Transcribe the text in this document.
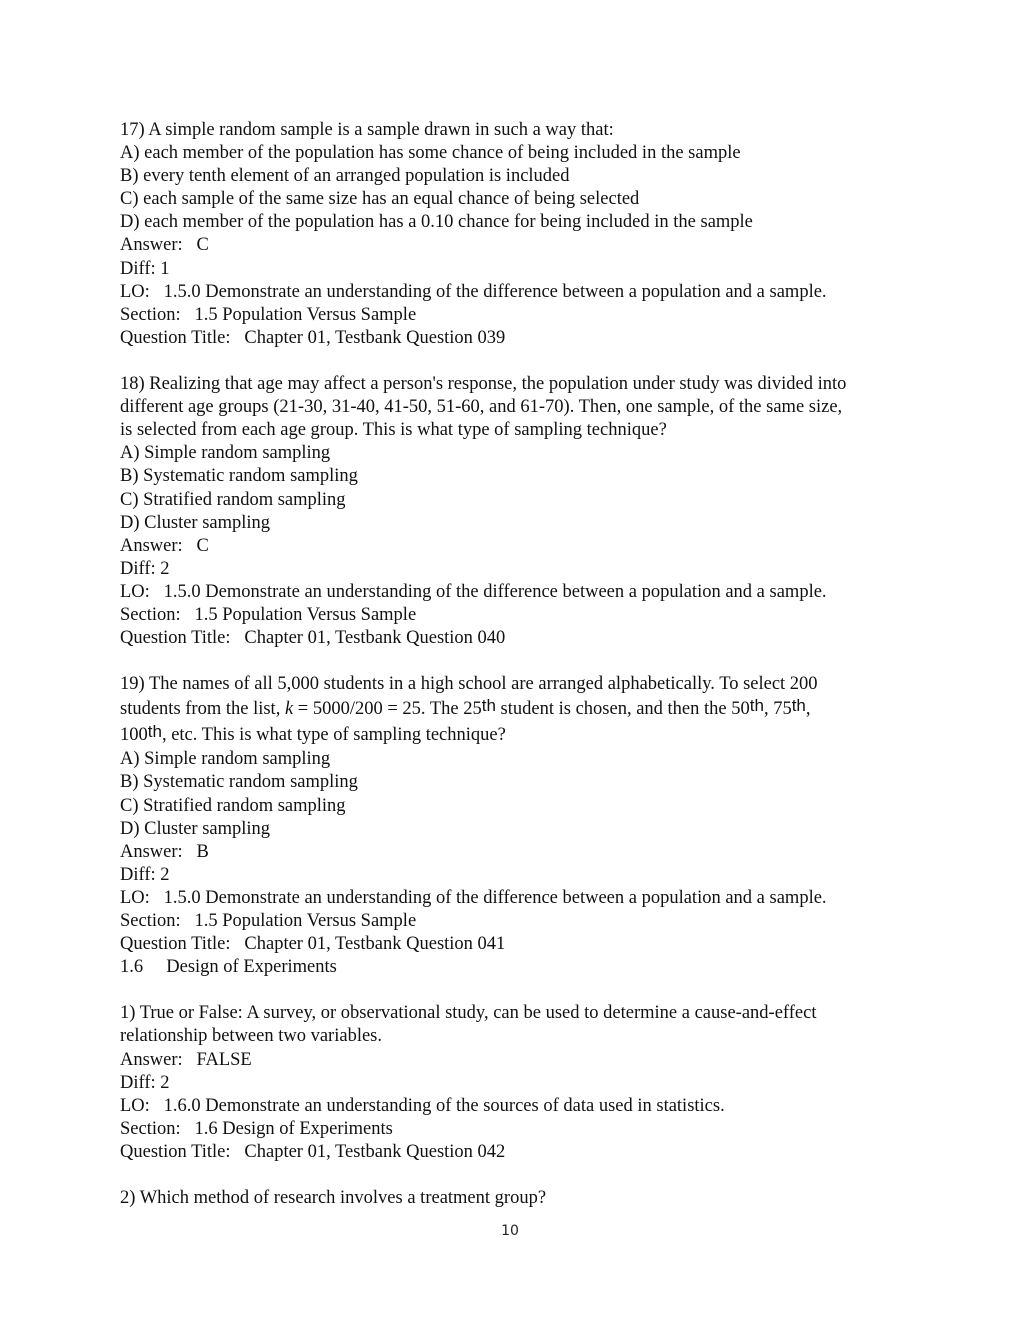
17) A simple random sample is a sample drawn in such a way that:

A) each member of the population has some chance of being included in the sample

B) every tenth element of an arranged population is included

C) each sample of the same size has an equal chance of being selected

D) each member of the population has a 0.10 chance for being included in the sample

Answer:   C

Diff: 1

LO:   1.5.0 Demonstrate an understanding of the difference between a population and a sample.

Section:   1.5 Population Versus Sample

Question Title:   Chapter 01, Testbank Question 039

18) Realizing that age may affect a person's response, the population under study was divided into

different age groups (21-30, 31-40, 41-50, 51-60, and 61-70). Then, one sample, of the same size,

is selected from each age group. This is what type of sampling technique?

A) Simple random sampling

B) Systematic random sampling

C) Stratified random sampling

D) Cluster sampling

Answer:   C

Diff: 2

LO:   1.5.0 Demonstrate an understanding of the difference between a population and a sample.

Section:   1.5 Population Versus Sample

Question Title:   Chapter 01, Testbank Question 040

19) The names of all 5,000 students in a high school are arranged alphabetically. To select 200

students from the list, k = 5000/200 = 25. The 25th student is chosen, and then the 50th, 75th,

100th, etc. This is what type of sampling technique?

A) Simple random sampling

B) Systematic random sampling

C) Stratified random sampling

D) Cluster sampling

Answer:   B

Diff: 2

LO:   1.5.0 Demonstrate an understanding of the difference between a population and a sample.

Section:   1.5 Population Versus Sample

Question Title:   Chapter 01, Testbank Question 041

1.6     Design of Experiments

1) True or False: A survey, or observational study, can be used to determine a cause-and-effect

relationship between two variables.

Answer:   FALSE

Diff: 2

LO:   1.6.0 Demonstrate an understanding of the sources of data used in statistics.

Section:   1.6 Design of Experiments

Question Title:   Chapter 01, Testbank Question 042

2) Which method of research involves a treatment group?

10
